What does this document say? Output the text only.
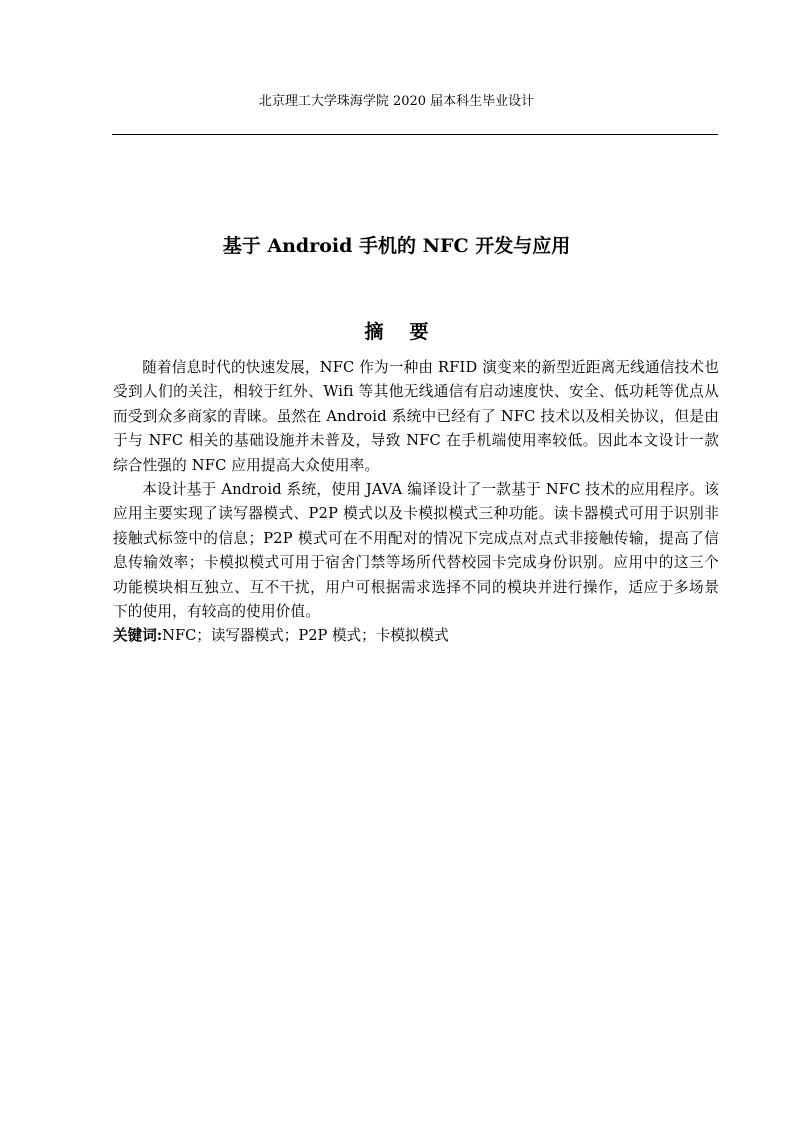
北京理工大学珠海学院 2020 届本科生毕业设计
基于 Android 手机的 NFC 开发与应用
摘要

随着信息时代的快速发展，NFC 作为一种由 RFID 演变来的新型近距离无线通信技术也受到人们的关注，相较于红外、Wifi 等其他无线通信有启动速度快、安全、低功耗等优点从而受到众多商家的青睐。虽然在 Android 系统中已经有了 NFC 技术以及相关协议，但是由于与 NFC 相关的基础设施并未普及，导致 NFC 在手机端使用率较低。因此本文设计一款综合性强的 NFC 应用提高大众使用率。

本设计基于 Android 系统，使用 JAVA 编译设计了一款基于 NFC 技术的应用程序。该应用主要实现了读写器模式、P2P 模式以及卡模拟模式三种功能。读卡器模式可用于识别非接触式标签中的信息；P2P 模式可在不用配对的情况下完成点对点式非接触传输，提高了信息传输效率；卡模拟模式可用于宿舍门禁等场所代替校园卡完成身份识别。应用中的这三个功能模块相互独立、互不干扰，用户可根据需求选择不同的模块并进行操作，适应于多场景下的使用，有较高的使用价值。

关键词:NFC；读写器模式；P2P 模式；卡模拟模式
